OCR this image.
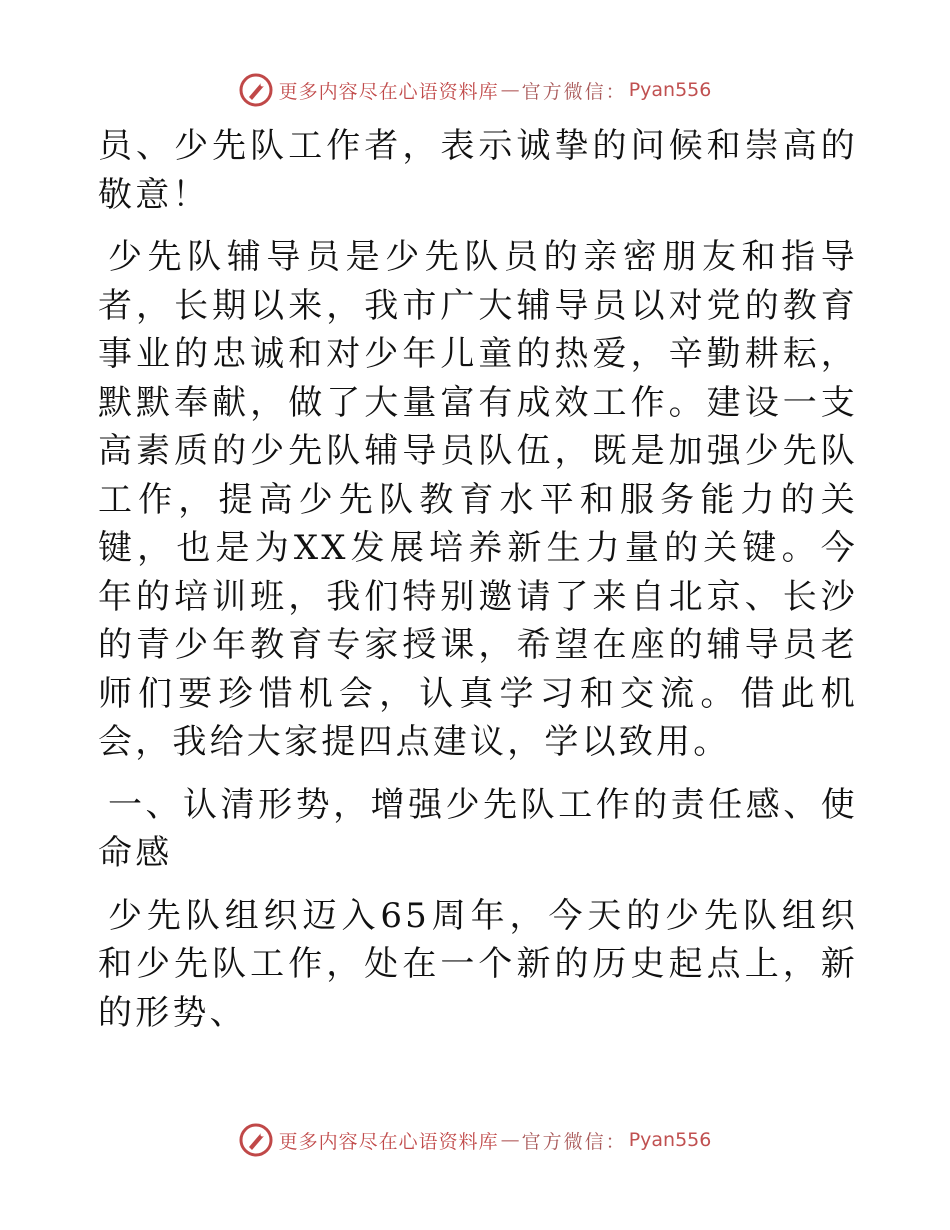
更多内容尽在心语资料库 — 官方微信： Pyan556

员、少先队工作者，表示诚挚的问候和崇高的敬意！

少先队辅导员是少先队员的亲密朋友和指导者，长期以来，我市广大辅导员以对党的教育事业的忠诚和对少年儿童的热爱，辛勤耕耘，默默奉献，做了大量富有成效工作。建设一支高素质的少先队辅导员队伍，既是加强少先队工作，提高少先队教育水平和服务能力的关键，也是为XX发展培养新生力量的关键。今年的培训班，我们特别邀请了来自北京、长沙的青少年教育专家授课，希望在座的辅导员老师们要珍惜机会，认真学习和交流。借此机会，我给大家提四点建议，学以致用。

一、认清形势，增强少先队工作的责任感、使命感

少先队组织迈入65周年，今天的少先队组织和少先队工作，处在一个新的历史起点上，新的形势、

更多内容尽在心语资料库 — 官方微信： Pyan556
